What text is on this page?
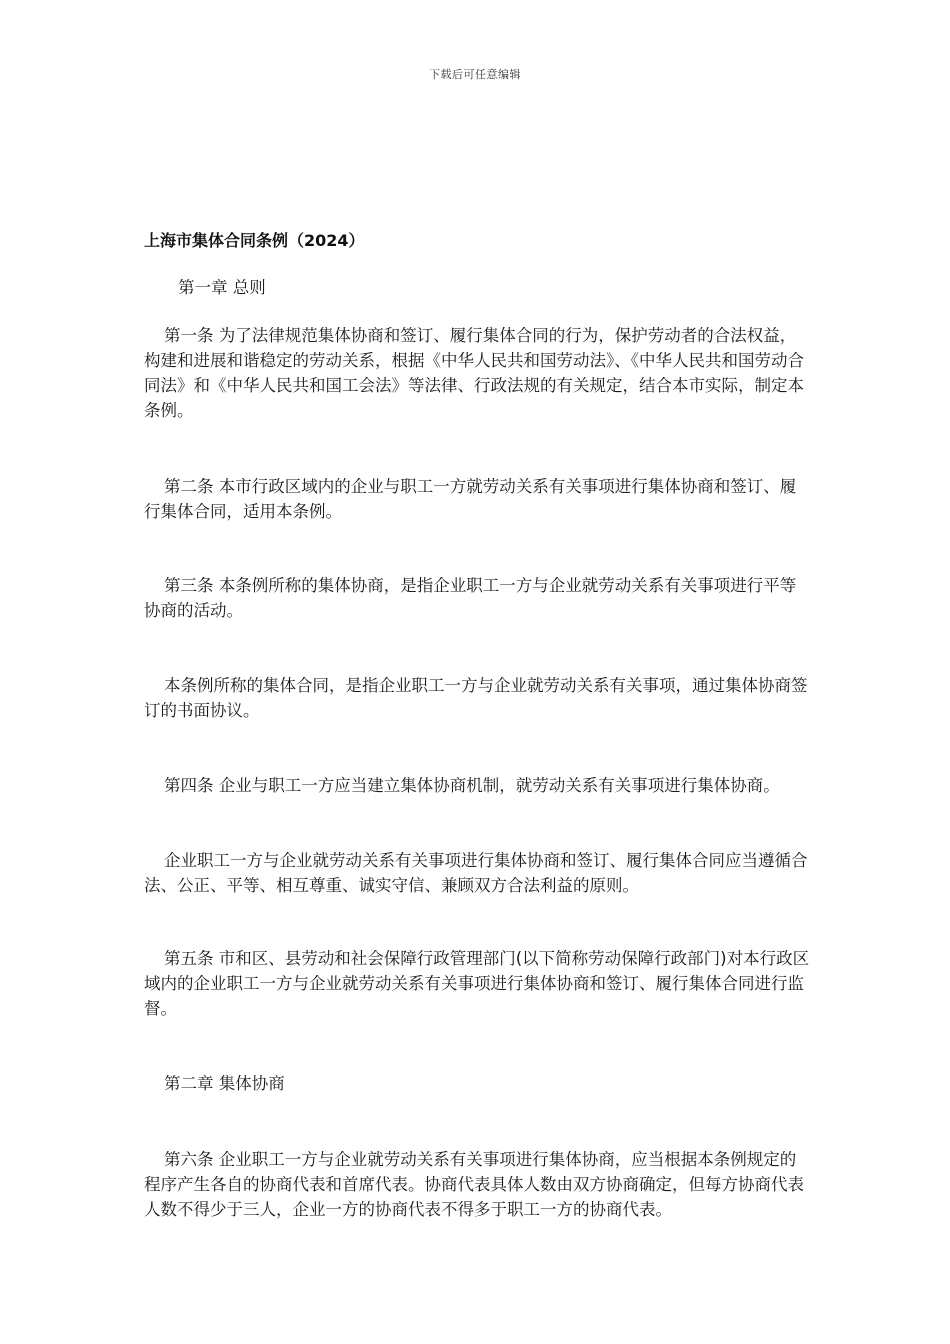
下载后可任意编辑
上海市集体合同条例（2024）
第一章 总则
第一条 为了法律规范集体协商和签订、履行集体合同的行为，保护劳动者的合法权益，构建和进展和谐稳定的劳动关系，根据《中华人民共和国劳动法》、《中华人民共和国劳动合同法》和《中华人民共和国工会法》等法律、行政法规的有关规定，结合本市实际，制定本条例。
第二条 本市行政区域内的企业与职工一方就劳动关系有关事项进行集体协商和签订、履行集体合同，适用本条例。
第三条 本条例所称的集体协商，是指企业职工一方与企业就劳动关系有关事项进行平等协商的活动。
本条例所称的集体合同，是指企业职工一方与企业就劳动关系有关事项，通过集体协商签订的书面协议。
第四条 企业与职工一方应当建立集体协商机制，就劳动关系有关事项进行集体协商。
企业职工一方与企业就劳动关系有关事项进行集体协商和签订、履行集体合同应当遵循合法、公正、平等、相互尊重、诚实守信、兼顾双方合法利益的原则。
第五条 市和区、县劳动和社会保障行政管理部门(以下简称劳动保障行政部门)对本行政区域内的企业职工一方与企业就劳动关系有关事项进行集体协商和签订、履行集体合同进行监督。
第二章 集体协商
第六条 企业职工一方与企业就劳动关系有关事项进行集体协商，应当根据本条例规定的程序产生各自的协商代表和首席代表。协商代表具体人数由双方协商确定，但每方协商代表人数不得少于三人，企业一方的协商代表不得多于职工一方的协商代表。
